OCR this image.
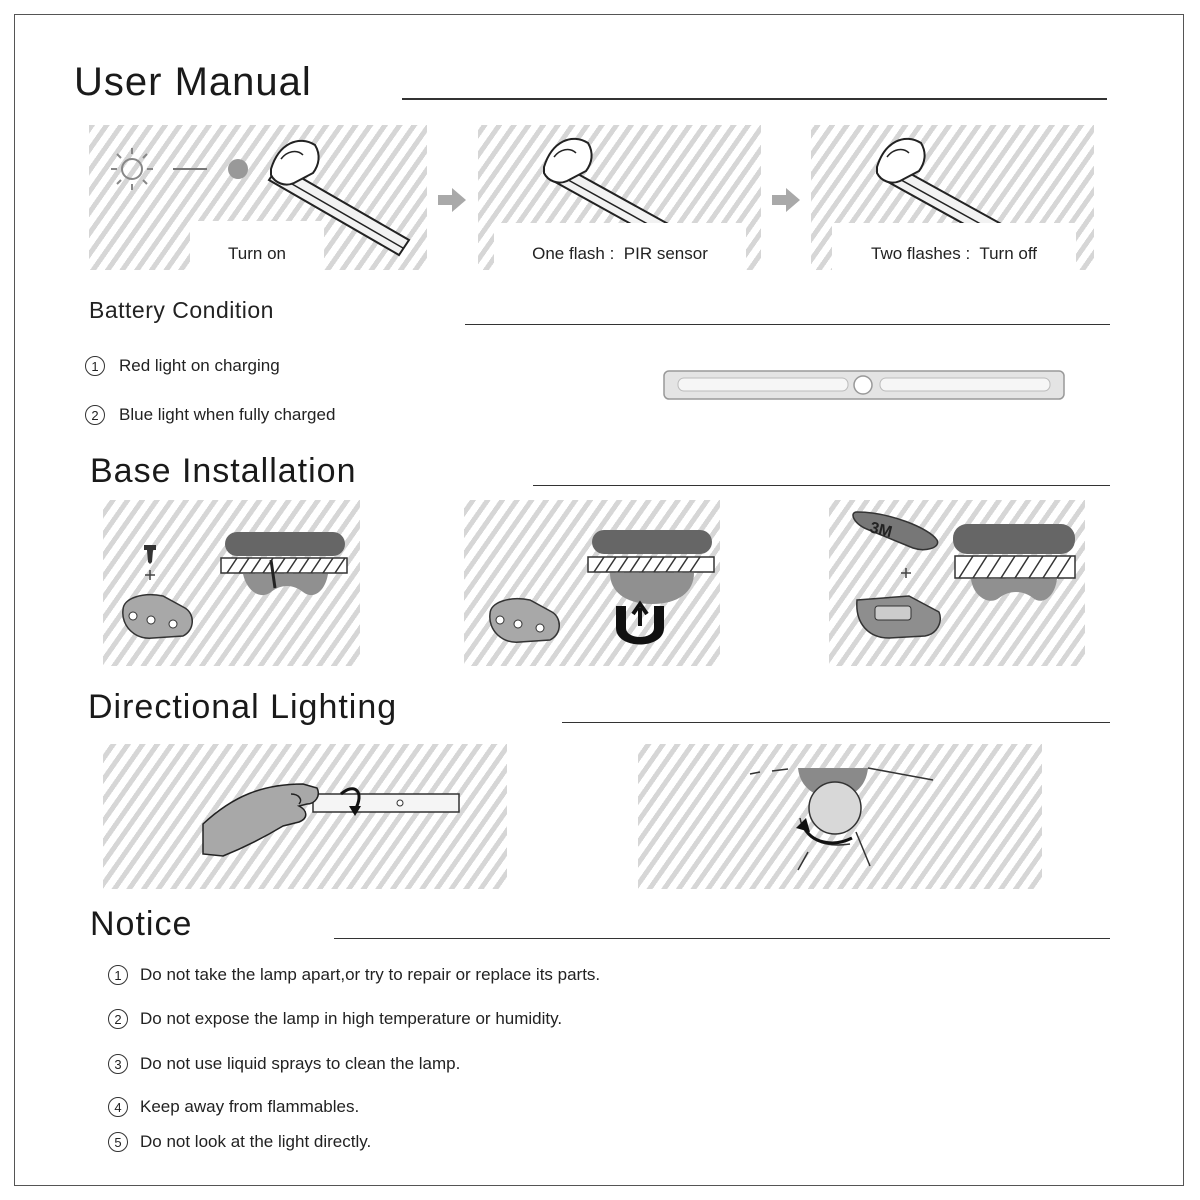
User Manual
Turn on	One flash :  PIR sensor	Two flashes :  Turn off
Battery Condition
1	Red light on charging
2	Blue light when fully charged
Base Installation
3M
Directional Lighting
Notice
1	Do not take the lamp apart,or try to repair or replace its parts.
2	Do not expose the lamp in high temperature or humidity.
3	Do not use liquid sprays to clean the lamp.
4	Keep away from flammables.
5	Do not look at the light directly.
